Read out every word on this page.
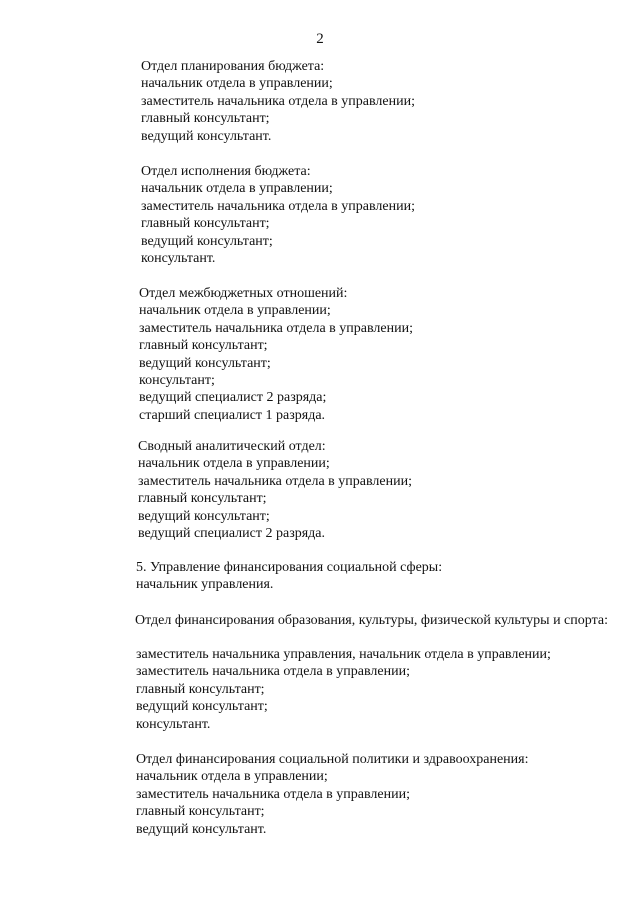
2
Отдел планирования бюджета:
начальник отдела в управлении;
заместитель начальника отдела в управлении;
главный консультант;
ведущий консультант.
Отдел исполнения бюджета:
начальник отдела в управлении;
заместитель начальника отдела в управлении;
главный консультант;
ведущий консультант;
консультант.
Отдел межбюджетных отношений:
начальник отдела в управлении;
заместитель начальника отдела в управлении;
главный консультант;
ведущий консультант;
консультант;
ведущий специалист 2 разряда;
старший специалист 1 разряда.
Сводный аналитический отдел:
начальник отдела в управлении;
заместитель начальника отдела в управлении;
главный консультант;
ведущий консультант;
ведущий специалист 2 разряда.
5. Управление финансирования социальной сферы:
начальник управления.
Отдел финансирования образования, культуры, физической культуры и спорта:
заместитель начальника управления, начальник отдела в управлении;
заместитель начальника отдела в управлении;
главный консультант;
ведущий консультант;
консультант.
Отдел финансирования социальной политики и здравоохранения:
начальник отдела в управлении;
заместитель начальника отдела в управлении;
главный консультант;
ведущий консультант.
